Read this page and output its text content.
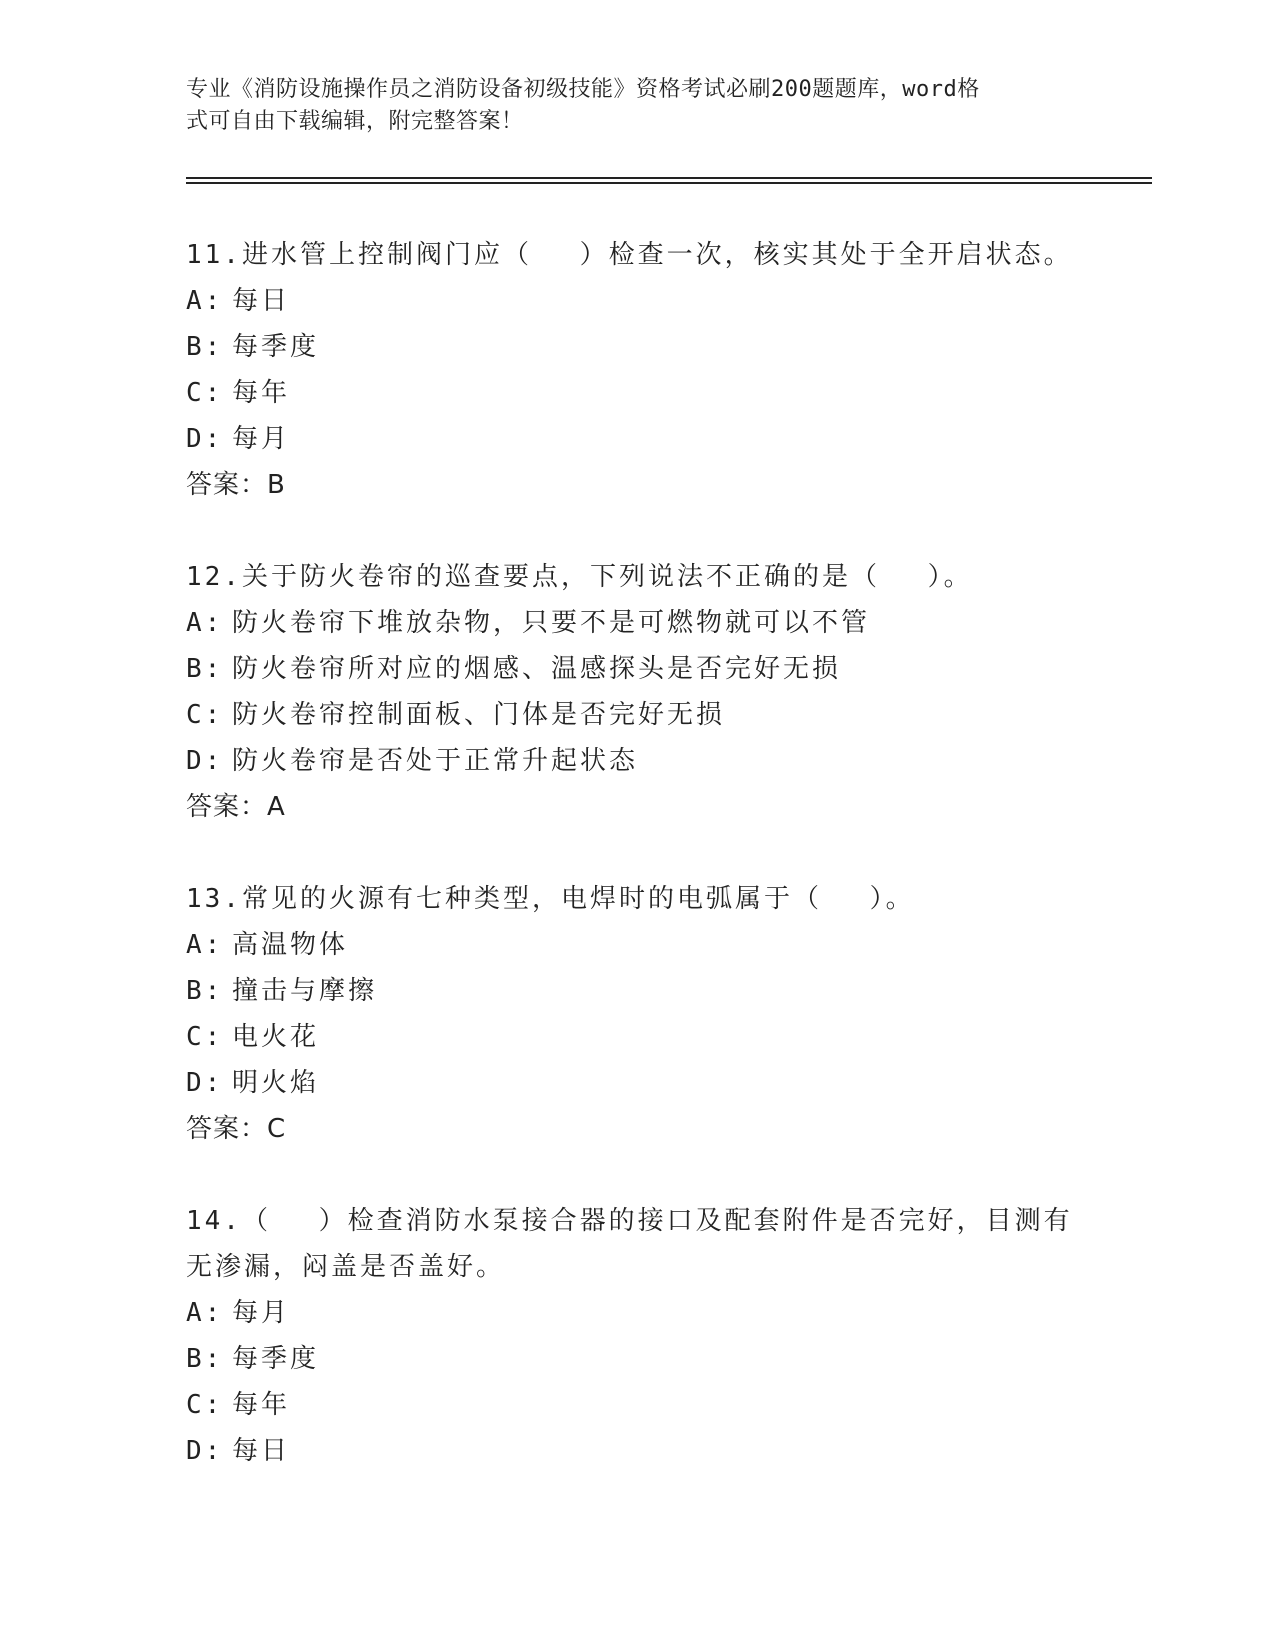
专业《消防设施操作员之消防设备初级技能》资格考试必刷200题题库，word格
式可自由下载编辑，附完整答案！

11.进水管上控制阀门应（　 ）检查一次，核实其处于全开启状态。

A: 每日

B: 每季度

C: 每年

D: 每月

答案：B

12.关于防火卷帘的巡查要点，下列说法不正确的是（　 ）。

A: 防火卷帘下堆放杂物，只要不是可燃物就可以不管

B: 防火卷帘所对应的烟感、温感探头是否完好无损

C: 防火卷帘控制面板、门体是否完好无损

D: 防火卷帘是否处于正常升起状态

答案：A

13.常见的火源有七种类型，电焊时的电弧属于（　 ）。

A: 高温物体

B: 撞击与摩擦

C: 电火花

D: 明火焰

答案：C

14.（　 ）检查消防水泵接合器的接口及配套附件是否完好，目测有无渗漏，闷盖是否盖好。

A: 每月

B: 每季度

C: 每年

D: 每日
